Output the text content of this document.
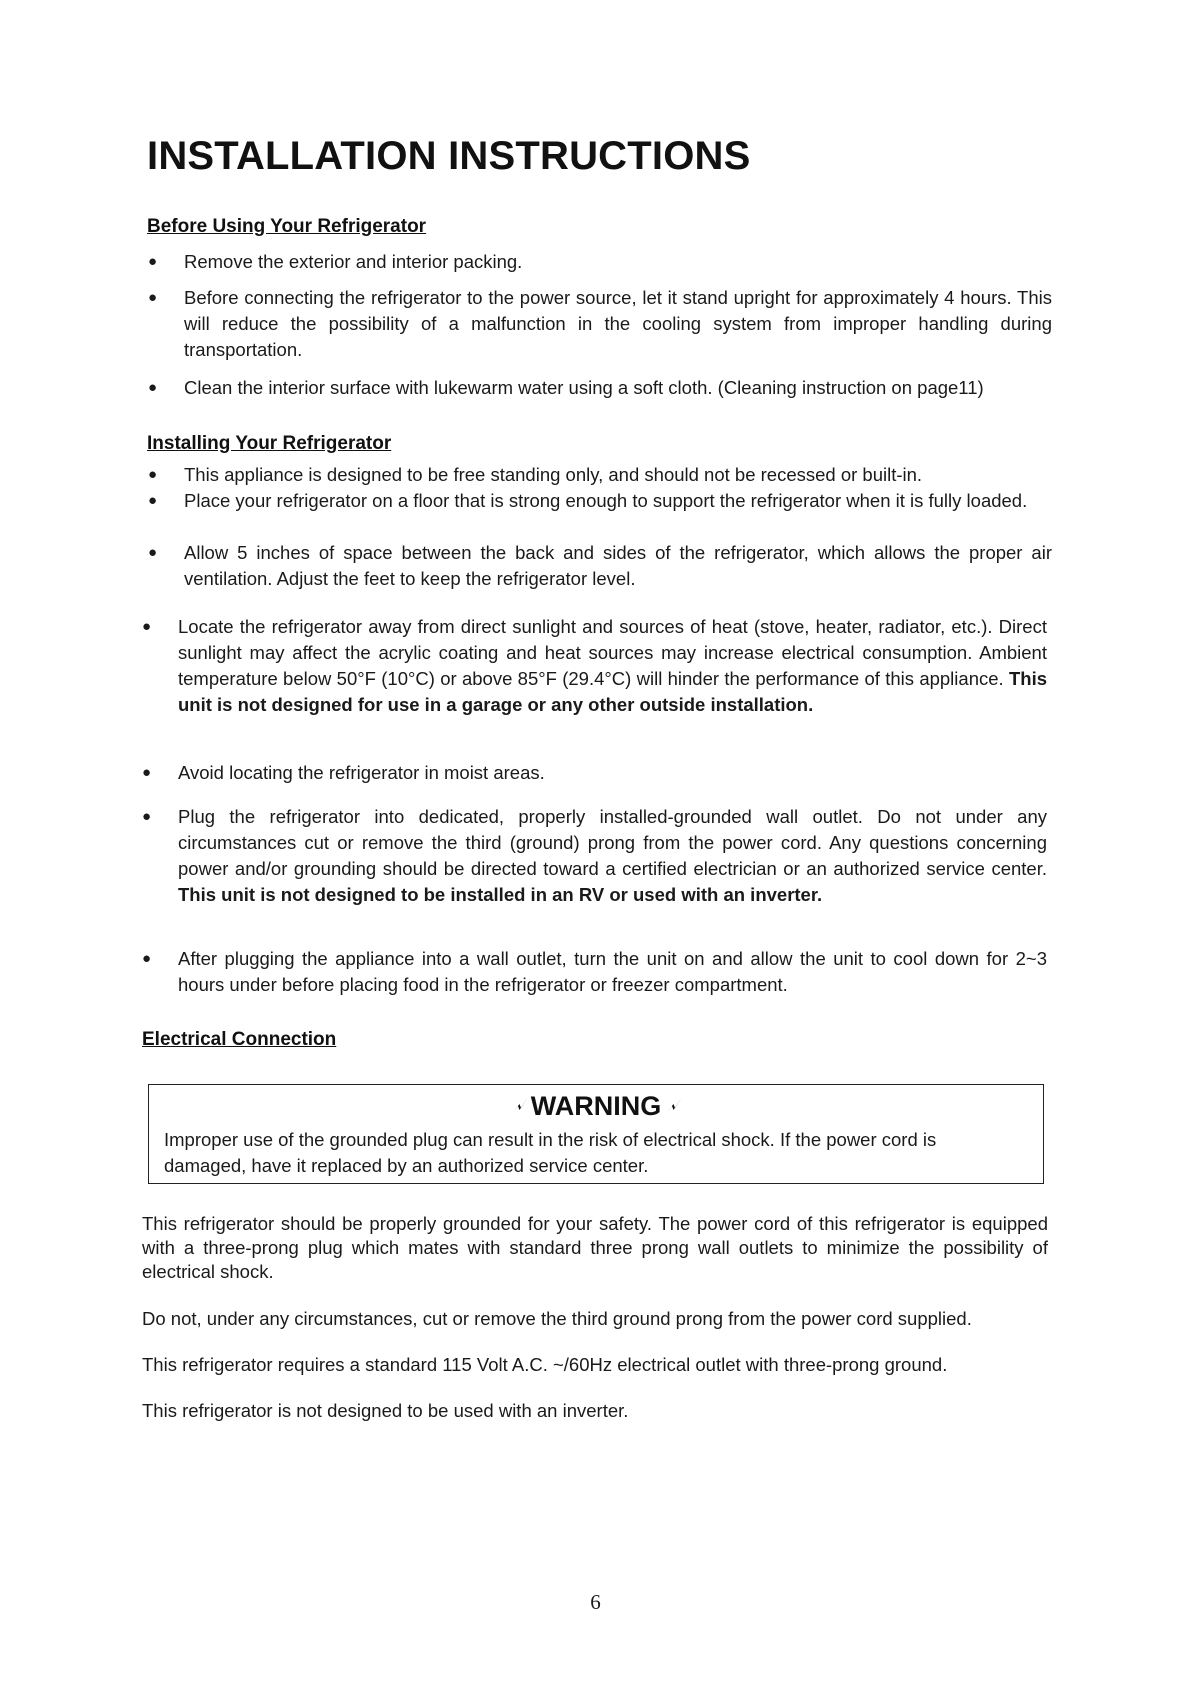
INSTALLATION INSTRUCTIONS
Before Using Your Refrigerator
●	Remove the exterior and interior packing.
●	Before connecting the refrigerator to the power source, let it stand upright for approximately 4 hours. This will reduce the possibility of a malfunction in the cooling system from improper handling during transportation.
●	Clean the interior surface with lukewarm water using a soft cloth. (Cleaning instruction on page11)
Installing Your Refrigerator
●	This appliance is designed to be free standing only, and should not be recessed or built-in.
●	Place your refrigerator on a floor that is strong enough to support the refrigerator when it is fully loaded.
●	Allow 5 inches of space between the back and sides of the refrigerator, which allows the proper air ventilation. Adjust the feet to keep the refrigerator level.
●	Locate the refrigerator away from direct sunlight and sources of heat (stove, heater, radiator, etc.). Direct sunlight may affect the acrylic coating and heat sources may increase electrical consumption. Ambient temperature below 50°F (10°C) or above 85°F (29.4°C) will hinder the performance of this appliance. This unit is not designed for use in a garage or any other outside installation.
●	Avoid locating the refrigerator in moist areas.
●	Plug the refrigerator into dedicated, properly installed-grounded wall outlet. Do not under any circumstances cut or remove the third (ground) prong from the power cord. Any questions concerning power and/or grounding should be directed toward a certified electrician or an authorized service center. This unit is not designed to be installed in an RV or used with an inverter.
●	After plugging the appliance into a wall outlet, turn the unit on and allow the unit to cool down for 2~3 hours under before placing food in the refrigerator or freezer compartment.
Electrical Connection
WARNING
Improper use of the grounded plug can result in the risk of electrical shock. If the power cord is damaged, have it replaced by an authorized service center.

This refrigerator should be properly grounded for your safety. The power cord of this refrigerator is equipped with a three-prong plug which mates with standard three prong wall outlets to minimize the possibility of electrical shock.

Do not, under any circumstances, cut or remove the third ground prong from the power cord supplied.

This refrigerator requires a standard 115 Volt A.C. ~/60Hz electrical outlet with three-prong ground.

This refrigerator is not designed to be used with an inverter.

6
